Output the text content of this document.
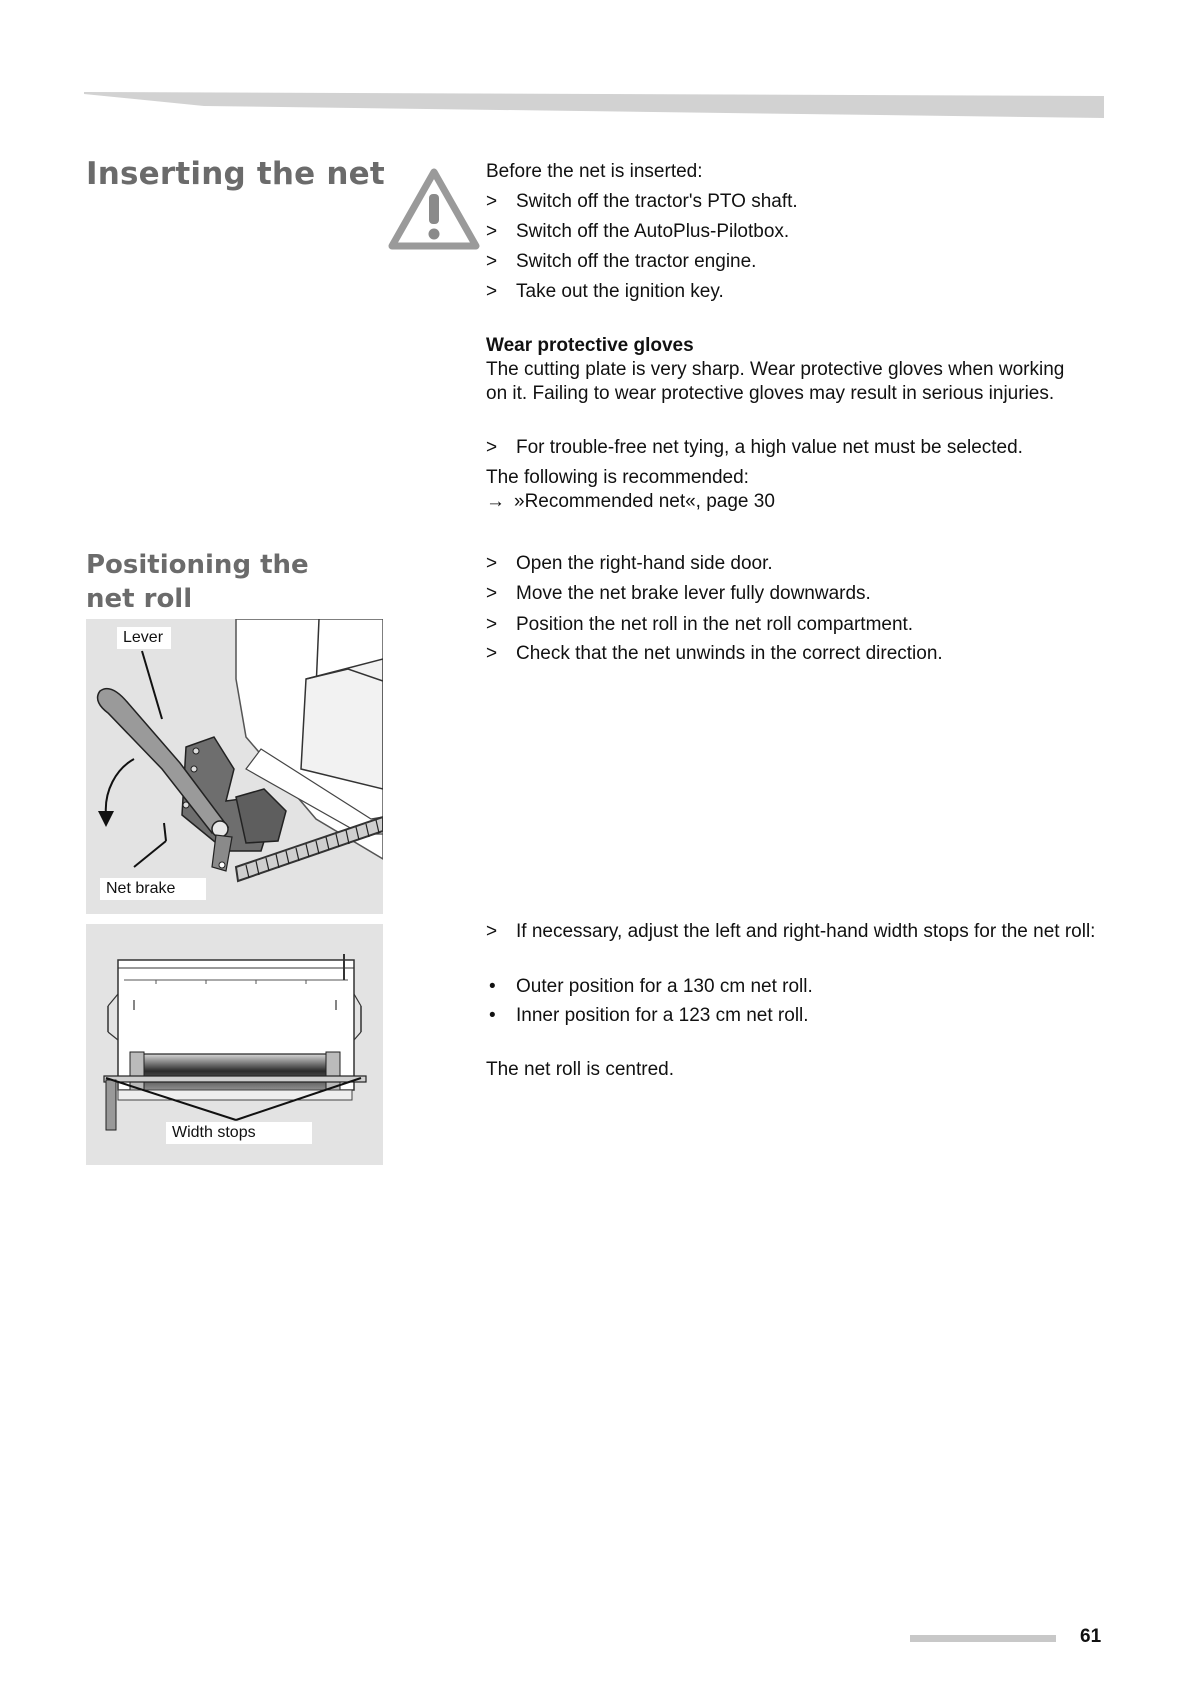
Inserting the net	Before the net is inserted:

> Switch off the tractor's PTO shaft.
> Switch off the AutoPlus-Pilotbox.
> Switch off the tractor engine.
> Take out the ignition key.

Wear protective gloves

The cutting plate is very sharp. Wear protective gloves when working

on it. Failing to wear protective gloves may result in serious injuries.

> For trouble-free net tying, a high value net must be selected.

The following is recommended:

→ »Recommended net«, page 30
Positioning the
net roll
Lever
Net brake
Width stops
> Open the right-hand side door.
> Move the net brake lever fully downwards.
> Position the net roll in the net roll compartment.
> Check that the net unwinds in the correct direction.
> If necessary, adjust the left and right-hand width stops for the net roll:
•	Outer position for a 130 cm net roll.
•	Inner position for a 123 cm net roll.

The net roll is centred.

61
